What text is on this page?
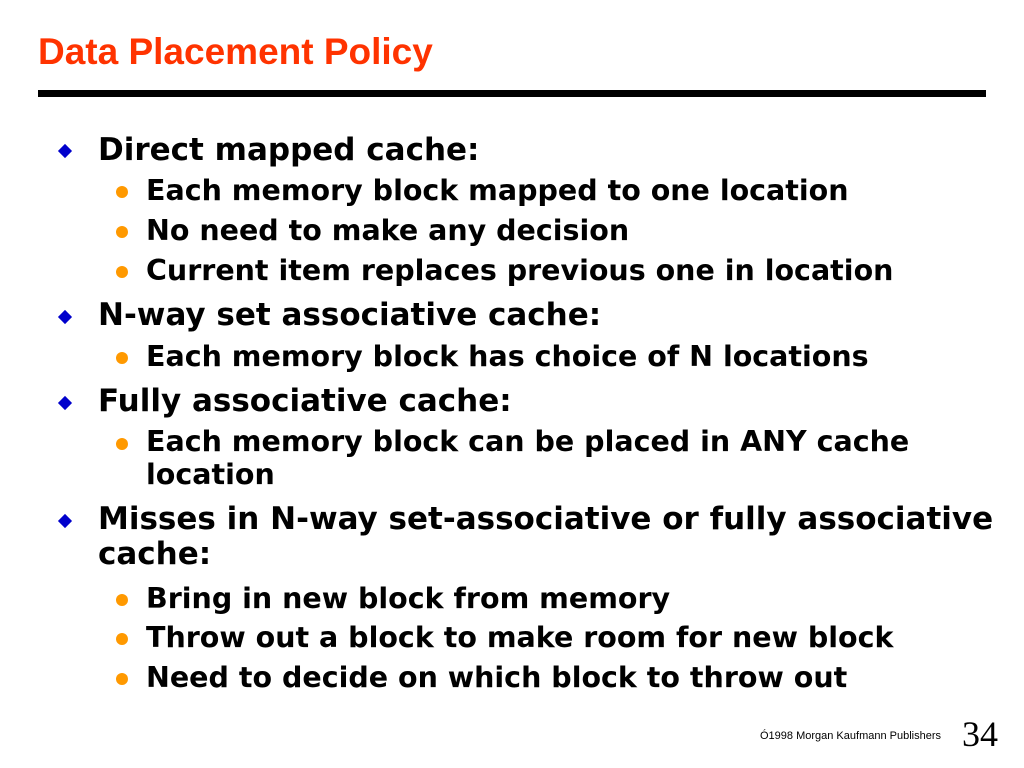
Data Placement Policy
Direct mapped cache:
Each memory block mapped to one location
No need to make any decision
Current item replaces previous one in location
N-way set associative cache:
Each memory block has choice of N locations
Fully associative cache:
Each memory block can be placed in ANY cache
location
Misses in N-way set-associative or fully associative
cache:
Bring in new block from memory
Throw out a block to make room for new block
Need to decide on which block to throw out
Ó1998 Morgan Kaufmann Publishers 34
